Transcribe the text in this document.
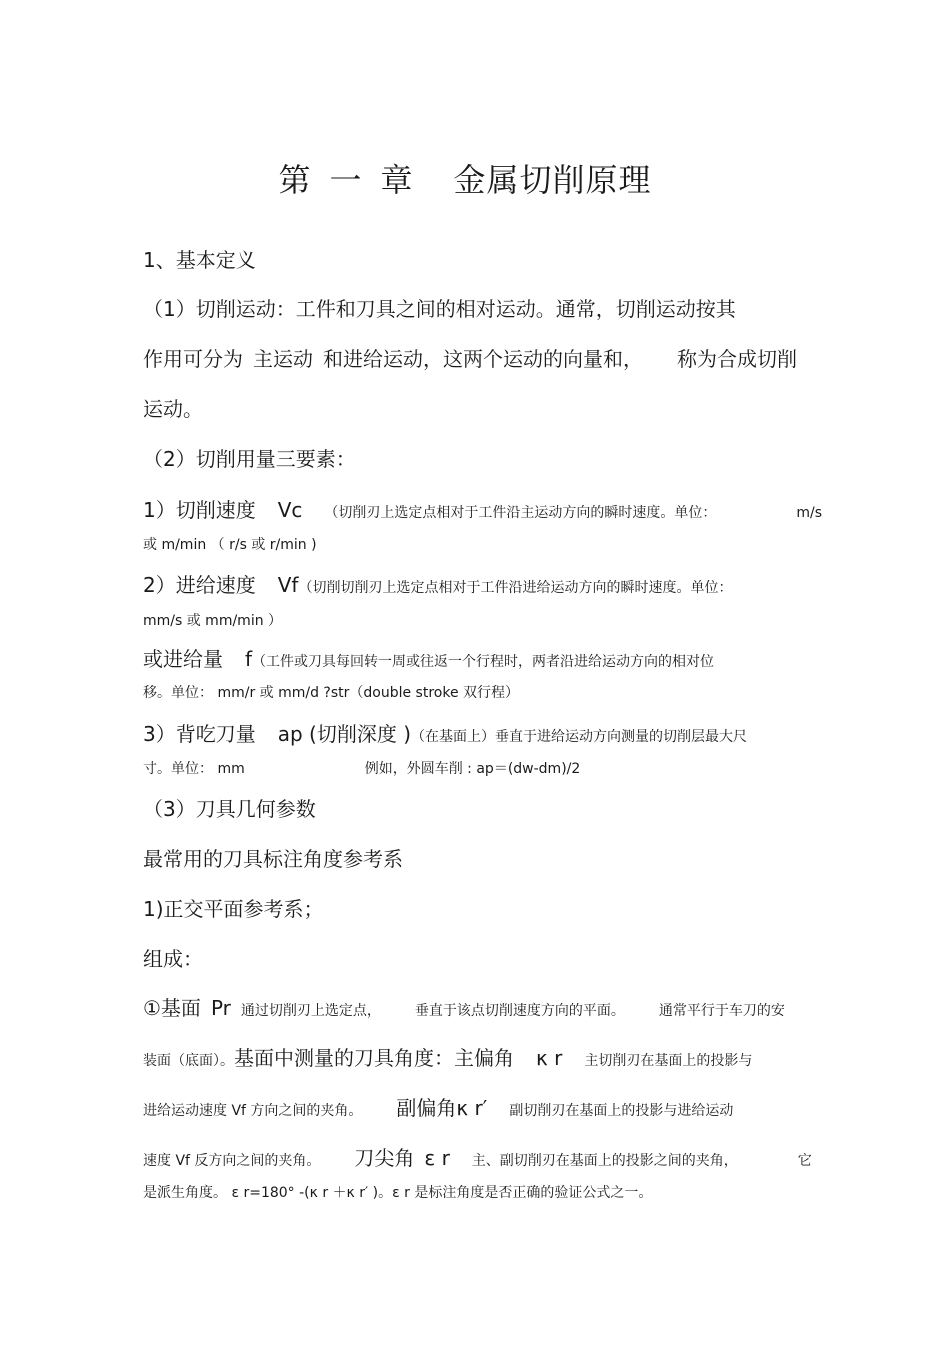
第 一 章 金属切削原理
1、基本定义
（1）切削运动：工件和刀具之间的相对运动。通常，切削运动按其
作用可分为 主运动 和进给运动，这两个运动的向量和， 称为合成切削
运动。
（2）切削用量三要素：
1）切削速度 Vc （切削刃上选定点相对于工件沿主运动方向的瞬时速度。单位：	m/s
或 m/min （ r/s 或 r/min )
2）进给速度 Vf（切削切削刃上选定点相对于工件沿进给运动方向的瞬时速度。单位：
mm/s 或 mm/min ）
或进给量 f（工件或刀具每回转一周或往返一个行程时，两者沿进给运动方向的相对位
移。单位： mm/r 或 mm/d ?str（double stroke 双行程）
3）背吃刀量 ap (切削深度 )（在基面上）垂直于进给运动方向测量的切削层最大尺
寸。单位： mm	例如，外圆车削 : ap＝(dw-dm)/2
（3）刀具几何参数
最常用的刀具标注角度参考系
1)正交平面参考系；
组成：
①基面 Pr 通过切削刃上选定点， 垂直于该点切削速度方向的平面。 通常平行于车刀的安
装面（底面）。基面中测量的刀具角度：主偏角 κ r 主切削刃在基面上的投影与
进给运动速度 Vf 方向之间的夹角。 副偏角κ r′ 副切削刃在基面上的投影与进给运动
速度 Vf 反方向之间的夹角。 刀尖角 ε r 主、副切削刃在基面上的投影之间的夹角，	它
是派生角度。 ε r=180° -(κ r ＋κ r′ )。ε r 是标注角度是否正确的验证公式之一。
